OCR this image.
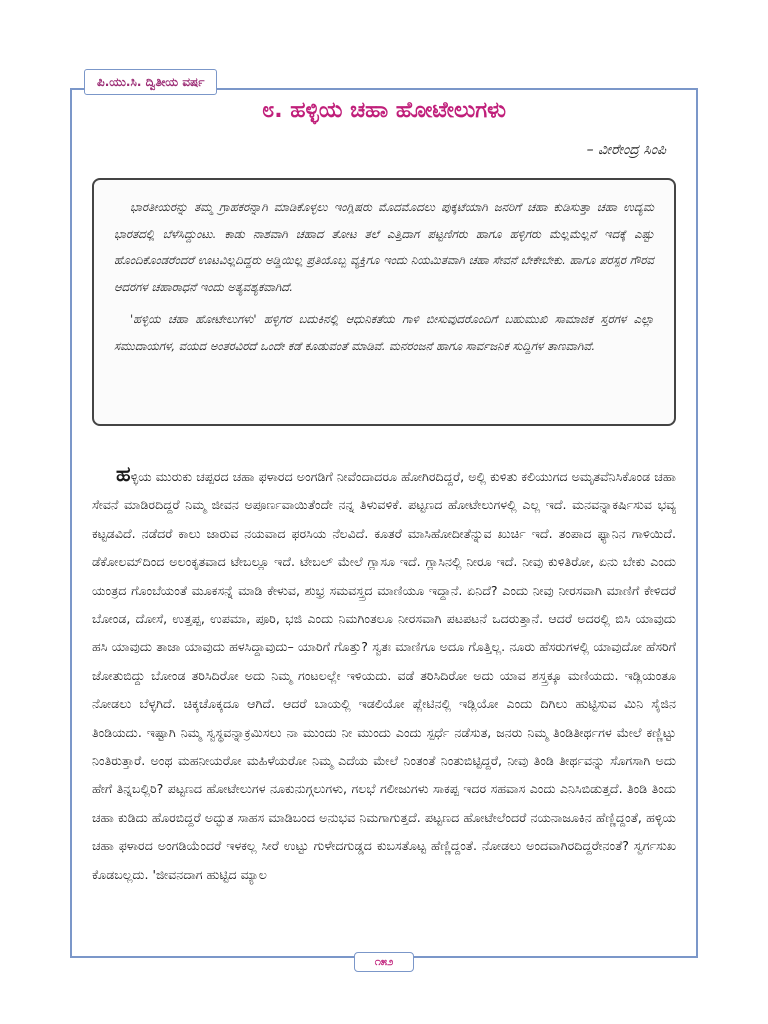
ಪಿ.ಯು.ಸಿ. ದ್ವಿತೀಯ ವರ್ಷ
೮. ಹಳ್ಳಿಯ ಚಹಾ ಹೋಟೇಲುಗಳು
– ವೀರೇಂದ್ರ ಸಿಂಪಿ

ಭಾರತೀಯರನ್ನು ತಮ್ಮ ಗ್ರಾಹಕರನ್ನಾಗಿ ಮಾಡಿಕೊಳ್ಳಲು ಇಂಗ್ಲಿಷರು ಮೊದಮೊದಲು ಪುಕ್ಕಟೆಯಾಗಿ ಜನರಿಗೆ ಚಹಾ ಕುಡಿಸುತ್ತಾ ಚಹಾ ಉದ್ಯಮ ಭಾರತದಲ್ಲಿ ಬೆಳೆಸಿದ್ದುಂಟು. ಕಾಡು ನಾಶವಾಗಿ ಚಹಾದ ತೋಟ ತಲೆ ಎತ್ತಿದಾಗ ಪಟ್ಟಣಿಗರು ಹಾಗೂ ಹಳ್ಳಿಗರು ಮೆಲ್ಲಮೆಲ್ಲನೆ ಇದಕ್ಕೆ ಎಷ್ಟು ಹೊಂದಿಕೊಂಡರೆಂದರೆ ಊಟವಿಲ್ಲದಿದ್ದರು ಅಡ್ಡಿಯಿಲ್ಲ ಪ್ರತಿಯೊಬ್ಬ ವ್ಯಕ್ತಿಗೂ ಇಂದು ನಿಯಮಿತವಾಗಿ ಚಹಾ ಸೇವನೆ ಬೇಕೇಬೇಕು. ಹಾಗೂ ಪರಸ್ಪರ ಗೌರವ ಆದರಗಳ ಚಹಾರಾಧನೆ ಇಂದು ಅತ್ಯವಶ್ಯಕವಾಗಿದೆ.

'ಹಳ್ಳಿಯ ಚಹಾ ಹೋಟೇಲುಗಳು' ಹಳ್ಳಿಗರ ಬದುಕಿನಲ್ಲಿ ಆಧುನಿಕತೆಯ ಗಾಳಿ ಬೀಸುವುದರೊಂದಿಗೆ ಬಹುಮುಖಿ ಸಾಮಾಜಿಕ ಸ್ತರಗಳ ಎಲ್ಲಾ ಸಮುದಾಯಗಳ, ವಯದ ಅಂತರವಿರದೆ ಒಂದೇ ಕಡೆ ಕೂಡುವಂತೆ ಮಾಡಿವೆ. ಮನರಂಜನೆ ಹಾಗೂ ಸಾರ್ವಜನಿಕ ಸುದ್ದಿಗಳ ತಾಣವಾಗಿವೆ.

ಹಳ್ಳಿಯ ಮುರುಕು ಚಪ್ಪರದ ಚಹಾ ಫಳಾರದ ಅಂಗಡಿಗೆ ನೀವೆಂದಾದರೂ ಹೋಗಿರದಿದ್ದರೆ, ಅಲ್ಲಿ ಕುಳಿತು ಕಲಿಯುಗದ ಅಮೃತವೆನಿಸಿಕೊಂಡ ಚಹಾ ಸೇವನೆ ಮಾಡಿರದಿದ್ದರೆ ನಿಮ್ಮ ಜೀವನ ಅಪೂರ್ಣವಾಯಿತೆಂದೇ ನನ್ನ ತಿಳುವಳಿಕೆ. ಪಟ್ಟಣದ ಹೋಟೇಲುಗಳಲ್ಲಿ ಎಲ್ಲ ಇದೆ. ಮನವನ್ನಾಕರ್ಷಿಸುವ ಭವ್ಯ ಕಟ್ಟಡವಿದೆ. ನಡೆದರೆ ಕಾಲು ಜಾರುವ ನಯವಾದ ಫರಸಿಯ ನೆಲವಿದೆ. ಕೂತರೆ ಮಾಸಿಹೋದೀತೆನ್ನುವ ಖುರ್ಚಿ ಇದೆ. ತಂಪಾದ ಫ್ಯಾನಿನ ಗಾಳಿಯಿದೆ. ಡೆಕೋಲಮ್‌ದಿಂದ ಅಲಂಕೃತವಾದ ಟೇಬಲ್ಲೂ ಇದೆ. ಟೇಬಲ್ ಮೇಲೆ ಗ್ಲಾಸೂ ಇದೆ. ಗ್ಲಾಸಿನಲ್ಲಿ ನೀರೂ ಇದೆ. ನೀವು ಕುಳಿತಿರೋ, ಏನು ಬೇಕು ಎಂದು ಯಂತ್ರದ ಗೊಂಬೆಯಂತೆ ಮೂಕಸನ್ನೆ ಮಾಡಿ ಕೇಳುವ, ಶುಭ್ರ ಸಮವಸ್ತ್ರದ ಮಾಣಿಯೂ ಇದ್ದಾನೆ. ಏನಿದೆ? ಎಂದು ನೀವು ನೀರಸವಾಗಿ ಮಾಣಿಗೆ ಕೇಳಿದರೆ ಬೋಂಡ, ದೋಸೆ, ಉತ್ತಪ್ಪ, ಉಪಮಾ, ಪೂರಿ, ಭಜಿ ಎಂದು ನಿಮಗಿಂತಲೂ ನೀರಸವಾಗಿ ಪಟಪಟನೆ ಒದರುತ್ತಾನೆ. ಆದರೆ ಅದರಲ್ಲಿ ಬಿಸಿ ಯಾವುದು ಹಸಿ ಯಾವುದು ತಾಜಾ ಯಾವುದು ಹಳಸಿದ್ದಾವುದು– ಯಾರಿಗೆ ಗೊತ್ತು? ಸ್ವತಃ ಮಾಣಿಗೂ ಅದೂ ಗೊತ್ತಿಲ್ಲ. ನೂರು ಹೆಸರುಗಳಲ್ಲಿ ಯಾವುದೋ ಹೆಸರಿಗೆ ಜೋತುಬಿದ್ದು ಬೋಂಡ ತರಿಸಿದಿರೋ ಅದು ನಿಮ್ಮ ಗಂಟಲಲ್ಲೇ ಇಳಿಯದು. ವಡೆ ತರಿಸಿದಿರೋ ಅದು ಯಾವ ಶಸ್ತ್ರಕ್ಕೂ ಮಣಿಯದು. ಇಡ್ಲಿಯಂತೂ ನೋಡಲು ಬೆಳ್ಳಗಿದೆ. ಚಿಕ್ಕಚೊಕ್ಕದೂ ಆಗಿದೆ. ಆದರೆ ಬಾಯಲ್ಲಿ ಇಡಲಿಯೋ ಪ್ಲೇಟಿನಲ್ಲಿ ಇಡ್ಲಿಯೋ ಎಂದು ದಿಗಿಲು ಹುಟ್ಟಿಸುವ ಮಿನಿ ಸೈಜಿನ ತಿಂಡಿಯದು. ಇಷ್ಟಾಗಿ ನಿಮ್ಮ ಸ್ವಸ್ಥವನ್ನಾಕ್ರಮಿಸಲು ನಾ ಮುಂದು ನೀ ಮುಂದು ಎಂದು ಸ್ಪರ್ಧೆ ನಡೆಸುತ, ಜನರು ನಿಮ್ಮ ತಿಂಡಿತೀರ್ಥಗಳ ಮೇಲೆ ಕಣ್ಣಿಟ್ಟು ನಿಂತಿರುತ್ತಾರೆ. ಅಂಥ ಮಹನೀಯರೋ ಮಹಿಳೆಯರೋ ನಿಮ್ಮ ಎದೆಯ ಮೇಲೆ ನಿಂತಂತೆ ನಿಂತುಬಿಟ್ಟಿದ್ದರೆ, ನೀವು ತಿಂಡಿ ತೀರ್ಥವನ್ನು ಸೊಗಸಾಗಿ ಅದು ಹೇಗೆ ತಿನ್ನಬಲ್ಲಿರಿ? ಪಟ್ಟಣದ ಹೋಟೇಲುಗಳ ನೂಕುನುಗ್ಗಲುಗಳು, ಗಲಭೆ ಗಲೀಜುಗಳು ಸಾಕಪ್ಪ ಇದರ ಸಹವಾಸ ಎಂದು ಎನಿಸಿಬಿಡುತ್ತದೆ. ತಿಂಡಿ ತಿಂದು ಚಹಾ ಕುಡಿದು ಹೊರಬಿದ್ದರೆ ಅದ್ಭುತ ಸಾಹಸ ಮಾಡಿಬಂದ ಅನುಭವ ನಿಮಗಾಗುತ್ತದೆ. ಪಟ್ಟಣದ ಹೋಟೇಲೆಂದರೆ ನಯನಾಜೂಕಿನ ಹೆಣ್ಣಿದ್ದಂತೆ, ಹಳ್ಳಿಯ ಚಹಾ ಫಳಾರದ ಅಂಗಡಿಯೆಂದರೆ ಇಳಕಲ್ಲ ಸೀರೆ ಉಟ್ಟು ಗುಳೇದಗುಡ್ಡದ ಕುಬಸತೊಟ್ಟ ಹೆಣ್ಣಿದ್ದಂತೆ. ನೋಡಲು ಅಂದವಾಗಿರದಿದ್ದರೇನಂತೆ? ಸ್ವರ್ಗಸುಖ ಕೊಡಬಲ್ಲದು. 'ಜೀವನದಾಗ ಹುಟ್ಟಿದ ಮ್ಯಾಲ

೧೫೨
